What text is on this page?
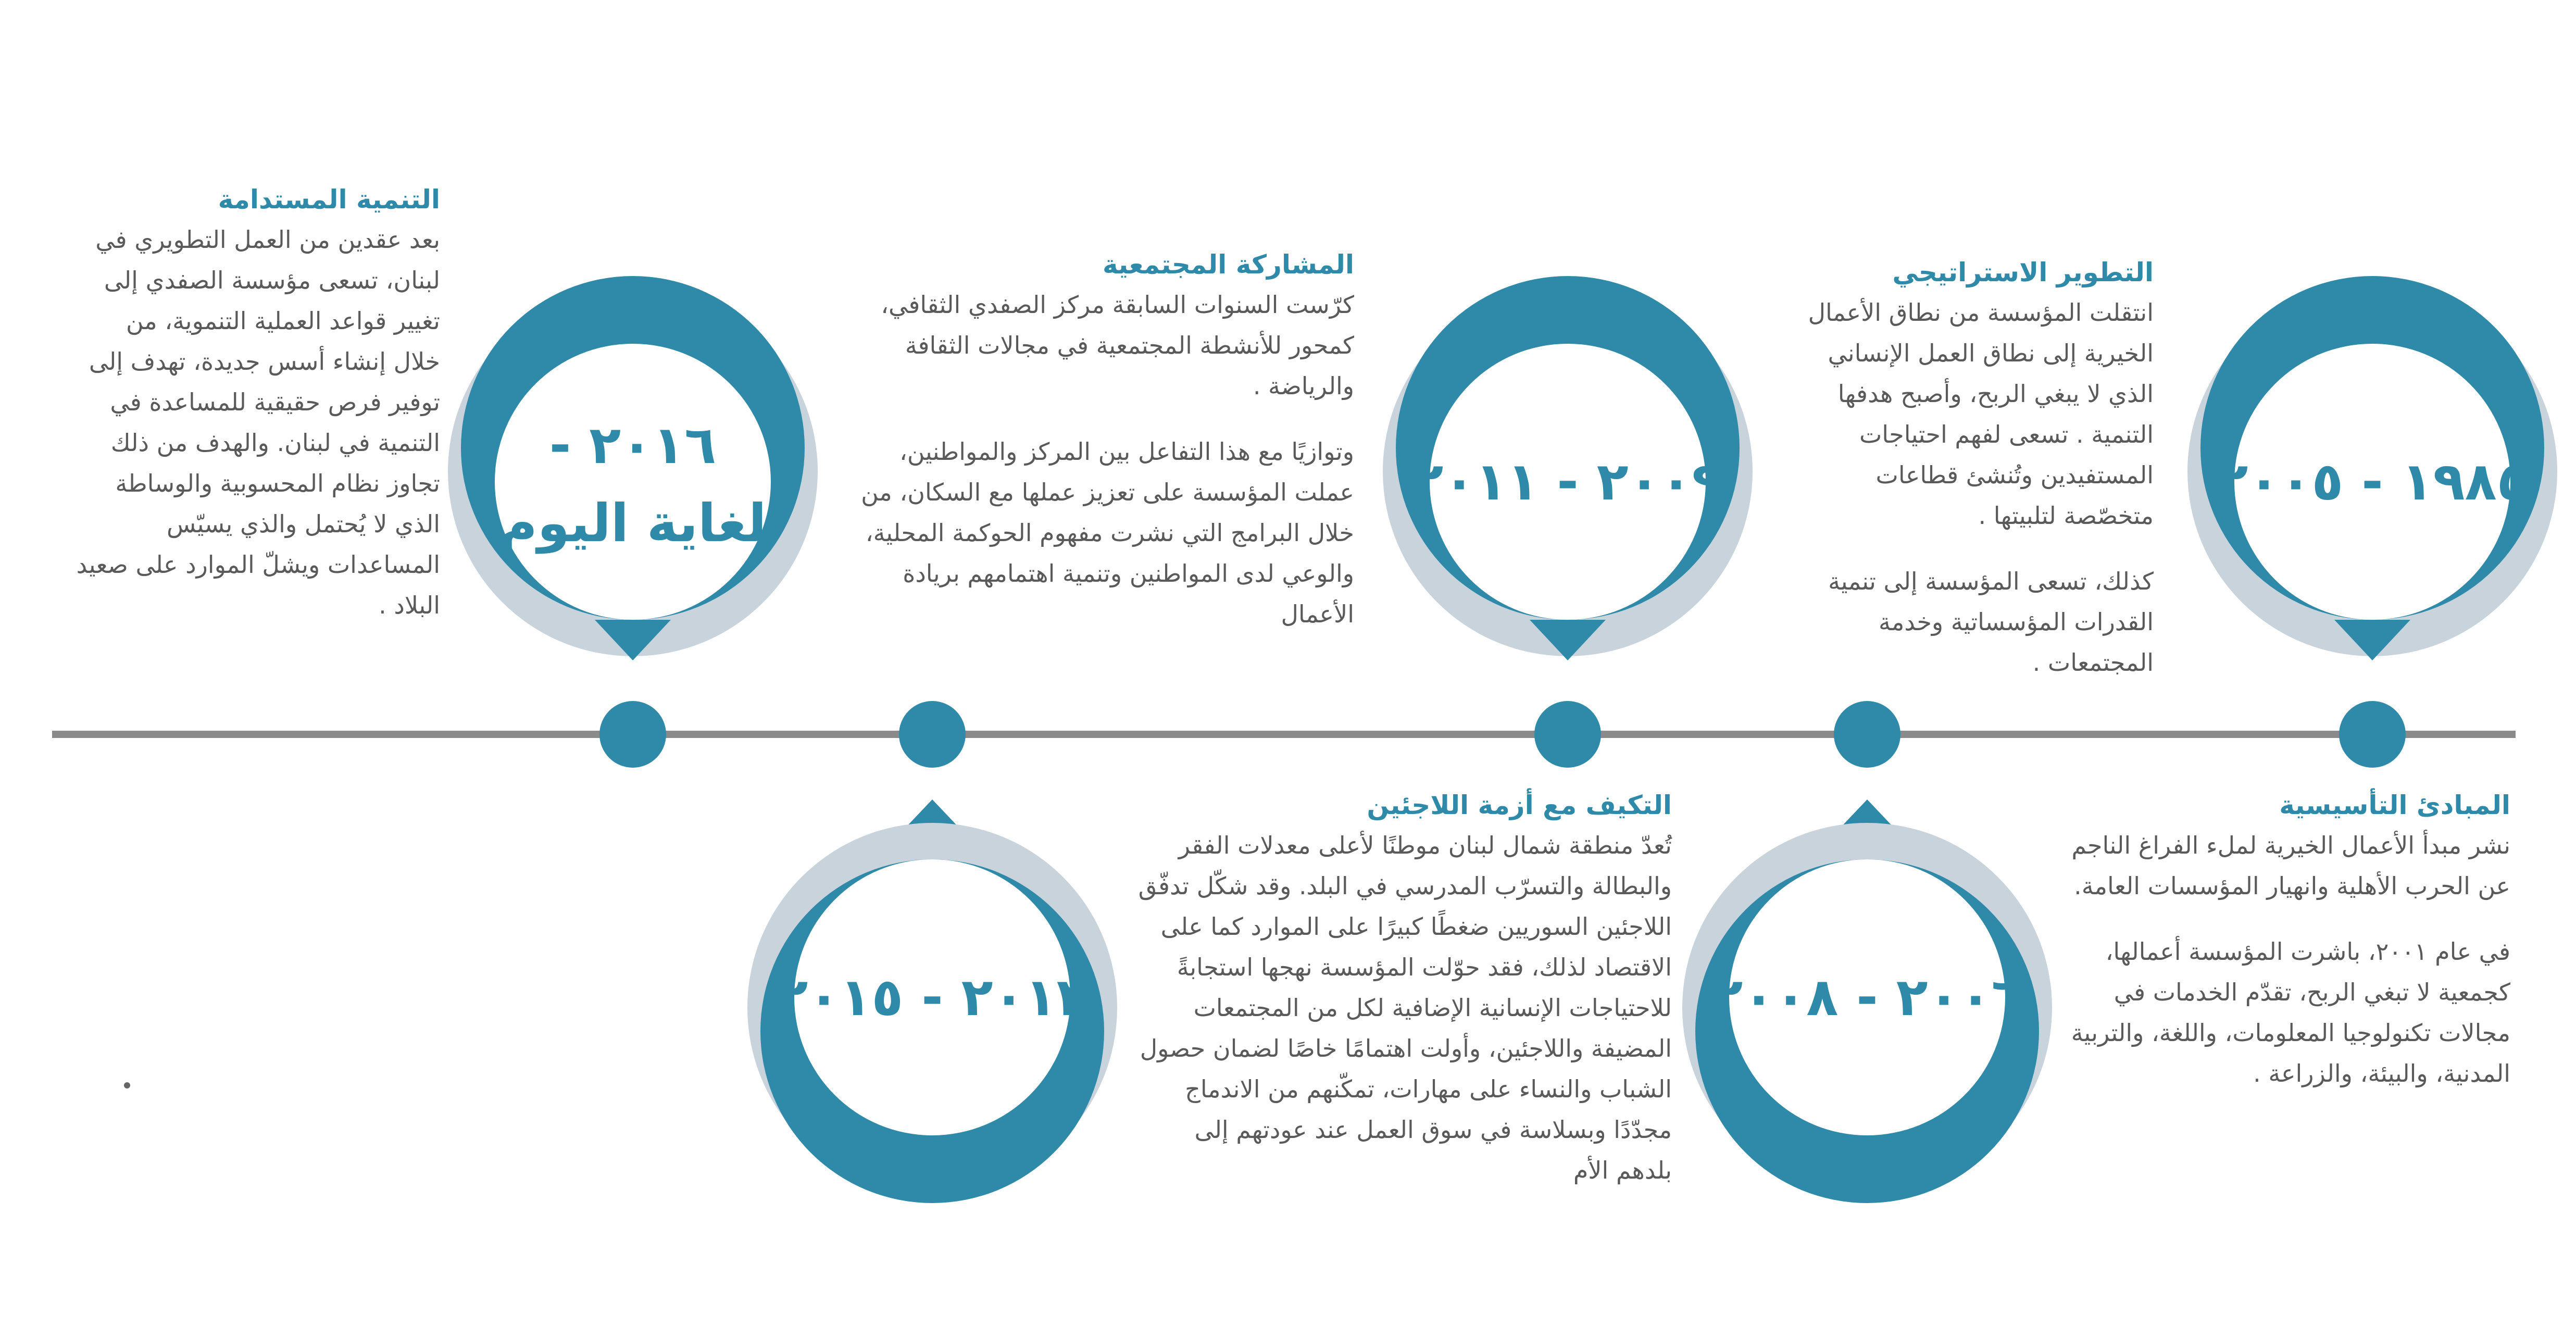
١٩٨٥ - ٢٠٠٥
٢٠٠٦ - ٢٠٠٨
٢٠٠٩ - ٢٠١١
٢٠١٢ - ٢٠١٥
٢٠١٦ - لغاية اليوم

المبادئ التأسيسية

نشر مبدأ الأعمال الخيرية لملء الفراغ الناجم عن الحرب الأهلية وانهيار المؤسسات العامة.

في عام ٢٠٠١، باشرت المؤسسة أعمالها، كجمعية لا تبغي الربح، تقدّم الخدمات في مجالات تكنولوجيا المعلومات، واللغة، والتربية المدنية، والبيئة، والزراعة .

التطوير الاستراتيجي

انتقلت المؤسسة من نطاق الأعمال الخيرية إلى نطاق العمل الإنساني الذي لا يبغي الربح، وأصبح هدفها التنمية . تسعى لفهم احتياجات المستفيدين وتُنشئ قطاعات متخصّصة لتلبيتها .

كذلك، تسعى المؤسسة إلى تنمية القدرات المؤسساتية وخدمة المجتمعات .

المشاركة المجتمعية

كرّست السنوات السابقة مركز الصفدي الثقافي، كمحور للأنشطة المجتمعية في مجالات الثقافة والرياضة .

وتوازيًا مع هذا التفاعل بين المركز والمواطنين، عملت المؤسسة على تعزيز عملها مع السكان، من خلال البرامج التي نشرت مفهوم الحوكمة المحلية، والوعي لدى المواطنين وتنمية اهتمامهم بريادة الأعمال

التكيف مع أزمة اللاجئين

تُعدّ منطقة شمال لبنان موطنًا لأعلى معدلات الفقر والبطالة والتسرّب المدرسي في البلد. وقد شكّل تدفّق اللاجئين السوريين ضغطًا كبيرًا على الموارد كما على الاقتصاد لذلك، فقد حوّلت المؤسسة نهجها استجابةً للاحتياجات الإنسانية الإضافية لكل من المجتمعات المضيفة واللاجئين، وأولت اهتمامًا خاصًا لضمان حصول الشباب والنساء على مهارات، تمكّنهم من الاندماج مجدّدًا وبسلاسة في سوق العمل عند عودتهم إلى بلدهم الأم

التنمية المستدامة

بعد عقدين من العمل التطويري في لبنان، تسعى مؤسسة الصفدي إلى تغيير قواعد العملية التنموية، من خلال إنشاء أسس جديدة، تهدف إلى توفير فرص حقيقية للمساعدة في التنمية في لبنان. والهدف من ذلك تجاوز نظام المحسوبية والوساطة الذي لا يُحتمل والذي يسيّس المساعدات ويشلّ الموارد على صعيد البلاد .
